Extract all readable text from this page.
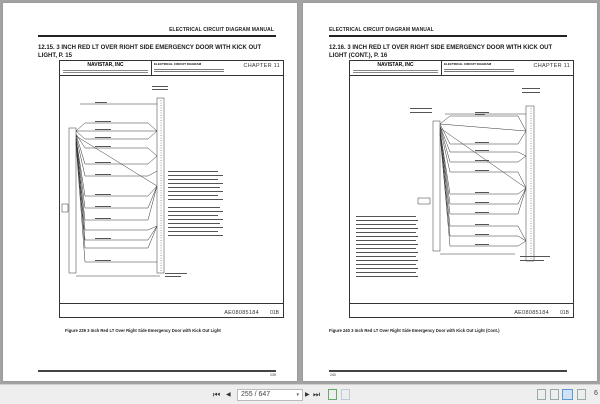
ELECTRICAL CIRCUIT DIAGRAM MANUAL
12.15. 3 INCH RED LT OVER RIGHT SIDE EMERGENCY DOOR WITH KICK OUT LIGHT, P. 15
NAVISTAR, INC	ELECTRICAL CIRCUIT DIAGRAM	CHAPTER 11
AE08085184 01B
Figure 239 3 Inch Red LT Over Right Side Emergency Door with Kick Out Light
239
ELECTRICAL CIRCUIT DIAGRAM MANUAL
12.16. 3 INCH RED LT OVER RIGHT SIDE EMERGENCY DOOR WITH KICK OUT LIGHT (CONT.), P. 16
NAVISTAR, INC	ELECTRICAL CIRCUIT DIAGRAM	CHAPTER 11
AE08085184 01B
Figure 240 3 Inch Red LT Over Right Side Emergency Door with Kick Out Light (Cont.)
240
⏮ ◀	255 / 647	▾ ▶ ⏭	6
